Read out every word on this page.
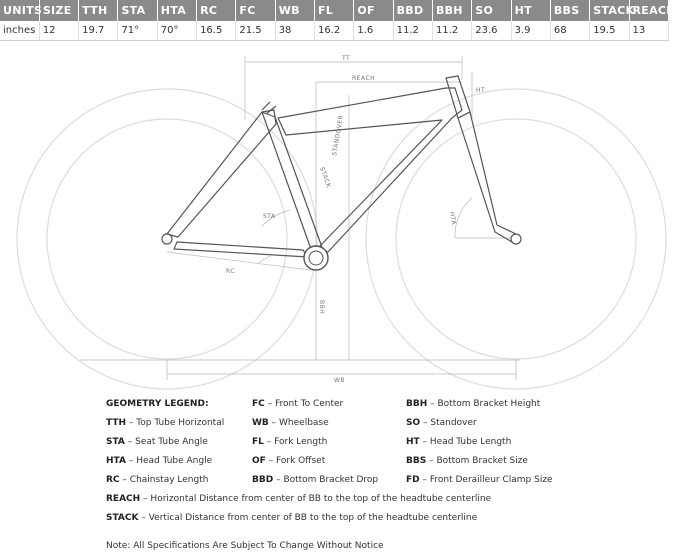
UNITS	SIZE	TTH	STA	HTA	RC	FC	WB	FL	OF	BBD	BBH	SO	HT	BBS	STACK	REACH
inches	12	19.7	71°	70°	16.5	21.5	38	16.2	1.6	11.2	11.2	23.6	3.9	68	19.5	13
TT
REACH
HT
STACK
STANDOVER
STA	HTA
RC
BBH
WB
GEOMETRY LEGEND:
TTH – Top Tube Horizontal
STA – Seat Tube Angle
HTA – Head Tube Angle
RC – Chainstay Length
FC – Front To Center
WB – Wheelbase
FL – Fork Length
OF – Fork Offset
BBD – Bottom Bracket Drop
BBH – Bottom Bracket Height
SO – Standover
HT – Head Tube Length
BBS – Bottom Bracket Size
FD – Front Derailleur Clamp Size
REACH – Horizontal Distance from center of BB to the top of the headtube centerline
STACK – Vertical Distance from center of BB to the top of the headtube centerline
Note: All Specifications Are Subject To Change Without Notice
